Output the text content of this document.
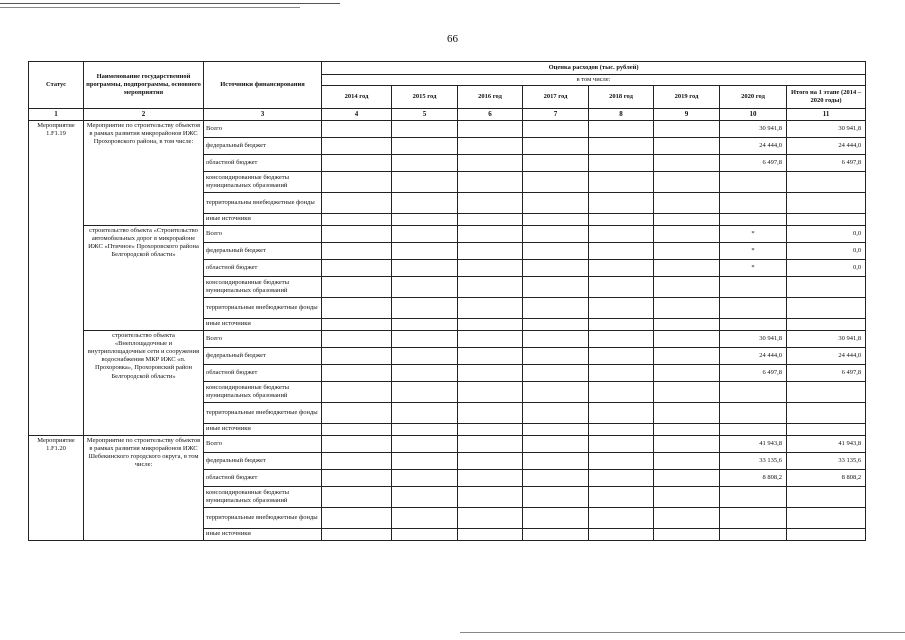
66
Статус	Наименование государственной программы, подпрограммы, основного мероприятия	Источники финансирования	Оценка расходов (тыс. рублей)							
			в том числе:							
			2014 год	2015 год	2016 год	2017 год	2018 год	2019 год	2020 год	Итого на 1 этапе (2014 – 2020 годы)
1	2	3	4	5	6	7	8	9	10	11
Мероприятие 1.F1.19	Мероприятие по строительству объектов в рамках развития микрорайонов ИЖС Прохоровского района, в том числе:	Всего							30 941,8	30 941,8
		федеральный бюджет							24 444,0	24 444,0
		областной бюджет							6 497,8	6 497,8
		консолидированные бюджеты муниципальных образований								
		территориальны внебюджетные фонды								
		иные источники								
	строительство объекта «Строительство автомобильных дорог в микрорайоне ИЖС «Птичное» Прохоровского района Белгородской области»	Всего							*	0,0
		федеральный бюджет							*	0,0
		областной бюджет							*	0,0
		консолидированные бюджеты муниципальных образований								
		территориальные внебюджетные фонды								
		иные источники								
	строительство объекта «Внеплощадочные и внутриплощадочные сети и сооружения водоснабжения МКР ИЖС «п. Прохоровка», Прохоровский район Белгородской области»	Всего							30 941,8	30 941,8
		федеральный бюджет							24 444,0	24 444,0
		областной бюджет							6 497,8	6 497,8
		консолидированные бюджеты муниципальных образований								
		территориальные внебюджетные фонды								
		иные источники								
Мероприятие 1.F1.20	Мероприятие по строительству объектов в рамках развития микрорайонов ИЖС Шебекинского городского округа, в том числе:	Всего							41 943,8	41 943,8
		федеральный бюджет							33 135,6	33 135,6
		областной бюджет							8 808,2	8 808,2
		консолидированные бюджеты муниципальных образований								
		территориальные внебюджетные фонды								
		иные источники								
